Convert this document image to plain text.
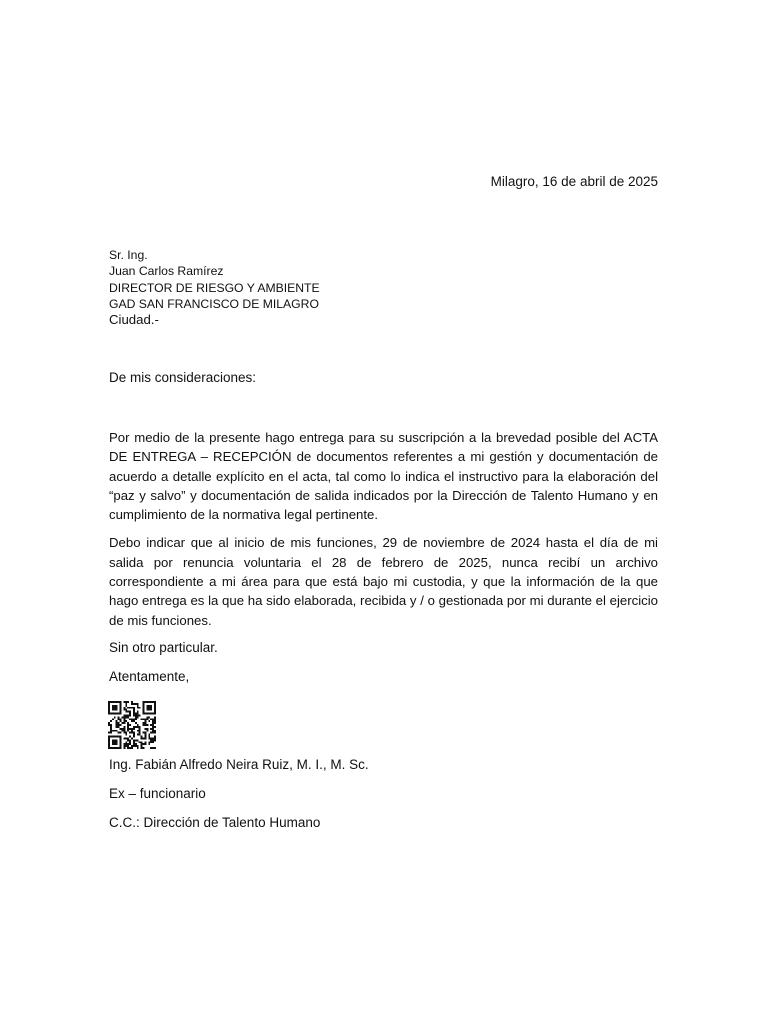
Milagro, 16 de abril de 2025
Sr. Ing.
Juan Carlos Ramírez
DIRECTOR DE RIESGO Y AMBIENTE
GAD SAN FRANCISCO DE MILAGRO
Ciudad.-
De mis consideraciones:

Por medio de la presente hago entrega para su suscripción a la brevedad posible del ACTA DE ENTREGA – RECEPCIÓN de documentos referentes a mi gestión y documentación de acuerdo a detalle explícito en el acta, tal como lo indica el instructivo para la elaboración del “paz y salvo” y documentación de salida indicados por la Dirección de Talento Humano y en cumplimiento de la normativa legal pertinente.

Debo indicar que al inicio de mis funciones, 29 de noviembre de 2024 hasta el día de mi salida por renuncia voluntaria el 28 de febrero de 2025, nunca recibí un archivo correspondiente a mi área para que está bajo mi custodia, y que la información de la que hago entrega es la que ha sido elaborada, recibida y / o gestionada por mi durante el ejercicio de mis funciones.

Sin otro particular.
Atentamente,
Ing. Fabián Alfredo Neira Ruiz, M. I., M. Sc.
Ex – funcionario
C.C.: Dirección de Talento Humano
